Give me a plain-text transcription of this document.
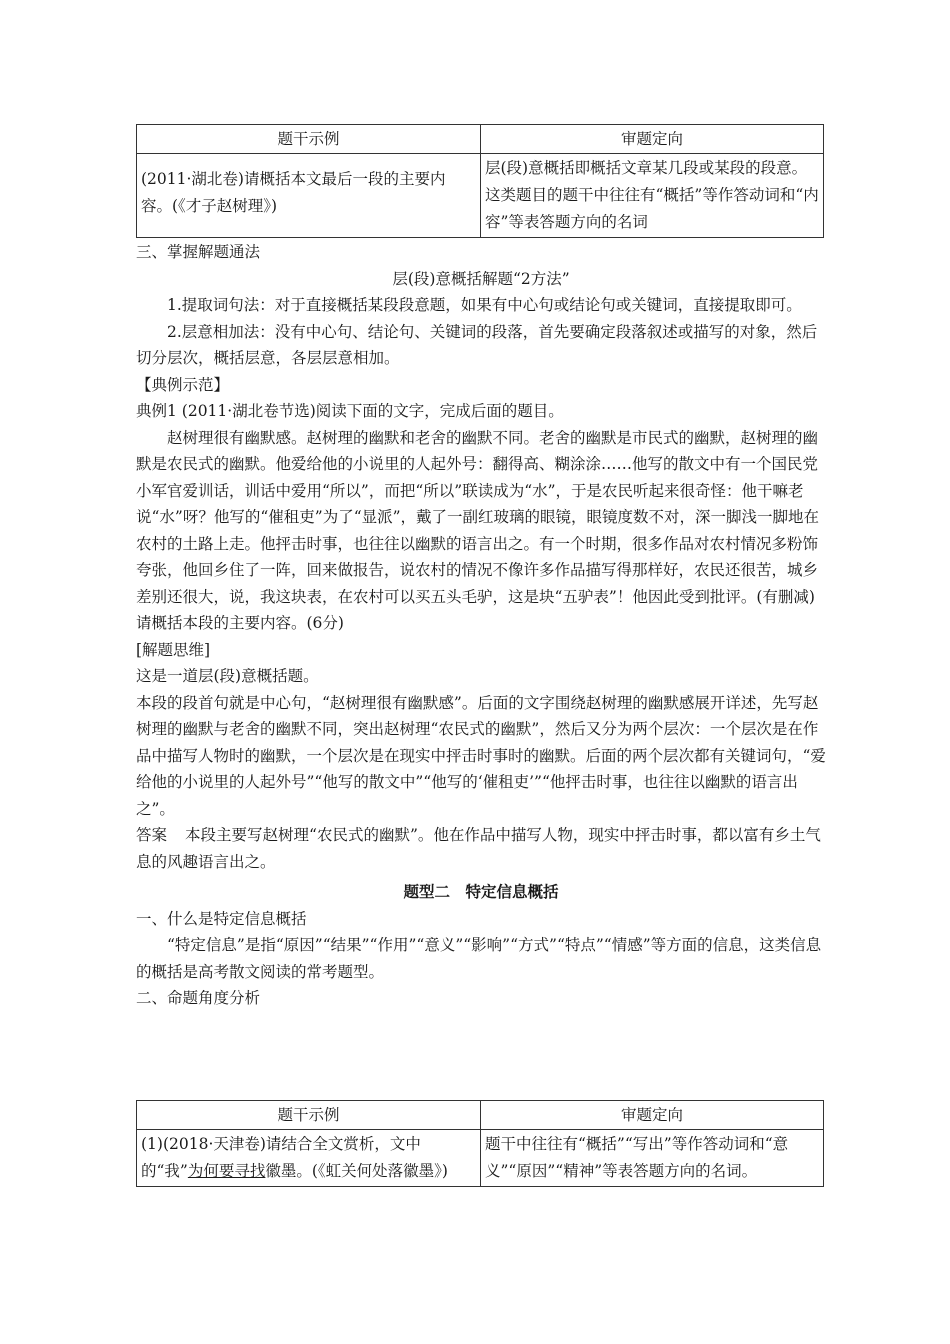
题干示例	审题定向
(2011·湖北卷)请概括本文最后一段的主要内容。(《才子赵树理》)	层(段)意概括即概括文章某几段或某段的段意。这类题目的题干中往往有“概括”等作答动词和“内容”等表答题方向的名词

三、掌握解题通法

层(段)意概括解题“2方法”

1.提取词句法：对于直接概括某段段意题，如果有中心句或结论句或关键词，直接提取即可。

2.层意相加法：没有中心句、结论句、关键词的段落，首先要确定段落叙述或描写的对象，然后切分层次，概括层意，各层层意相加。

【典例示范】

典例1 (2011·湖北卷节选)阅读下面的文字，完成后面的题目。

赵树理很有幽默感。赵树理的幽默和老舍的幽默不同。老舍的幽默是市民式的幽默，赵树理的幽默是农民式的幽默。他爱给他的小说里的人起外号：翻得高、糊涂涂……他写的散文中有一个国民党小军官爱训话，训话中爱用“所以”，而把“所以”联读成为“水”，于是农民听起来很奇怪：他干嘛老说“水”呀？他写的“催租吏”为了“显派”，戴了一副红玻璃的眼镜，眼镜度数不对，深一脚浅一脚地在农村的土路上走。他抨击时事，也往往以幽默的语言出之。有一个时期，很多作品对农村情况多粉饰夸张，他回乡住了一阵，回来做报告，说农村的情况不像许多作品描写得那样好，农民还很苦，城乡差别还很大，说，我这块表，在农村可以买五头毛驴，这是块“五驴表”！他因此受到批评。(有删减)

请概括本段的主要内容。(6分)

[解题思维]

这是一道层(段)意概括题。

本段的段首句就是中心句，“赵树理很有幽默感”。后面的文字围绕赵树理的幽默感展开详述，先写赵树理的幽默与老舍的幽默不同，突出赵树理“农民式的幽默”，然后又分为两个层次：一个层次是在作品中描写人物时的幽默，一个层次是在现实中抨击时事时的幽默。后面的两个层次都有关键词句，“爱给他的小说里的人起外号”“他写的散文中”“他写的‘催租吏’”“他抨击时事，也往往以幽默的语言出之”。

答案 本段主要写赵树理“农民式的幽默”。他在作品中描写人物，现实中抨击时事，都以富有乡土气息的风趣语言出之。

题型二　特定信息概括

一、什么是特定信息概括

“特定信息”是指“原因”“结果”“作用”“意义”“影响”“方式”“特点”“情感”等方面的信息，这类信息的概括是高考散文阅读的常考题型。

二、命题角度分析

题干示例	审题定向
(1)(2018·天津卷)请结合全文赏析，文中的“我”为何要寻找徽墨。(《虹关何处落徽墨》)	题干中往往有“概括”“写出”等作答动词和“意义”“原因”“精神”等表答题方向的名词。
